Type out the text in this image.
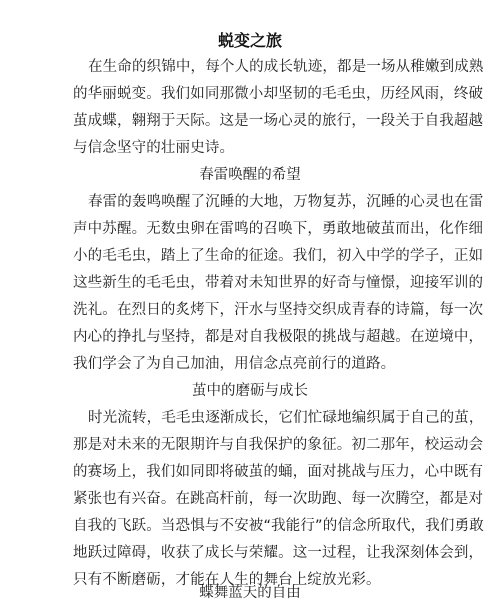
蜕变之旅
在生命的织锦中，每个人的成长轨迹，都是一场从稚嫩到成熟
的华丽蜕变。我们如同那微小却坚韧的毛毛虫，历经风雨，终破
茧成蝶，翱翔于天际。这是一场心灵的旅行，一段关于自我超越
与信念坚守的壮丽史诗。
春雷唤醒的希望
春雷的轰鸣唤醒了沉睡的大地，万物复苏，沉睡的心灵也在雷
声中苏醒。无数虫卵在雷鸣的召唤下，勇敢地破茧而出，化作细
小的毛毛虫，踏上了生命的征途。我们，初入中学的学子，正如
这些新生的毛毛虫，带着对未知世界的好奇与憧憬，迎接军训的
洗礼。在烈日的炙烤下，汗水与坚持交织成青春的诗篇，每一次
内心的挣扎与坚持，都是对自我极限的挑战与超越。在逆境中，
我们学会了为自己加油，用信念点亮前行的道路。
茧中的磨砺与成长
时光流转，毛毛虫逐渐成长，它们忙碌地编织属于自己的茧，
那是对未来的无限期许与自我保护的象征。初二那年，校运动会
的赛场上，我们如同即将破茧的蛹，面对挑战与压力，心中既有
紧张也有兴奋。在跳高杆前，每一次助跑、每一次腾空，都是对
自我的飞跃。当恐惧与不安被“我能行”的信念所取代，我们勇敢
地跃过障碍，收获了成长与荣耀。这一过程，让我深刻体会到，
只有不断磨砺，才能在人生的舞台上绽放光彩。
蝶舞蓝天的自由
